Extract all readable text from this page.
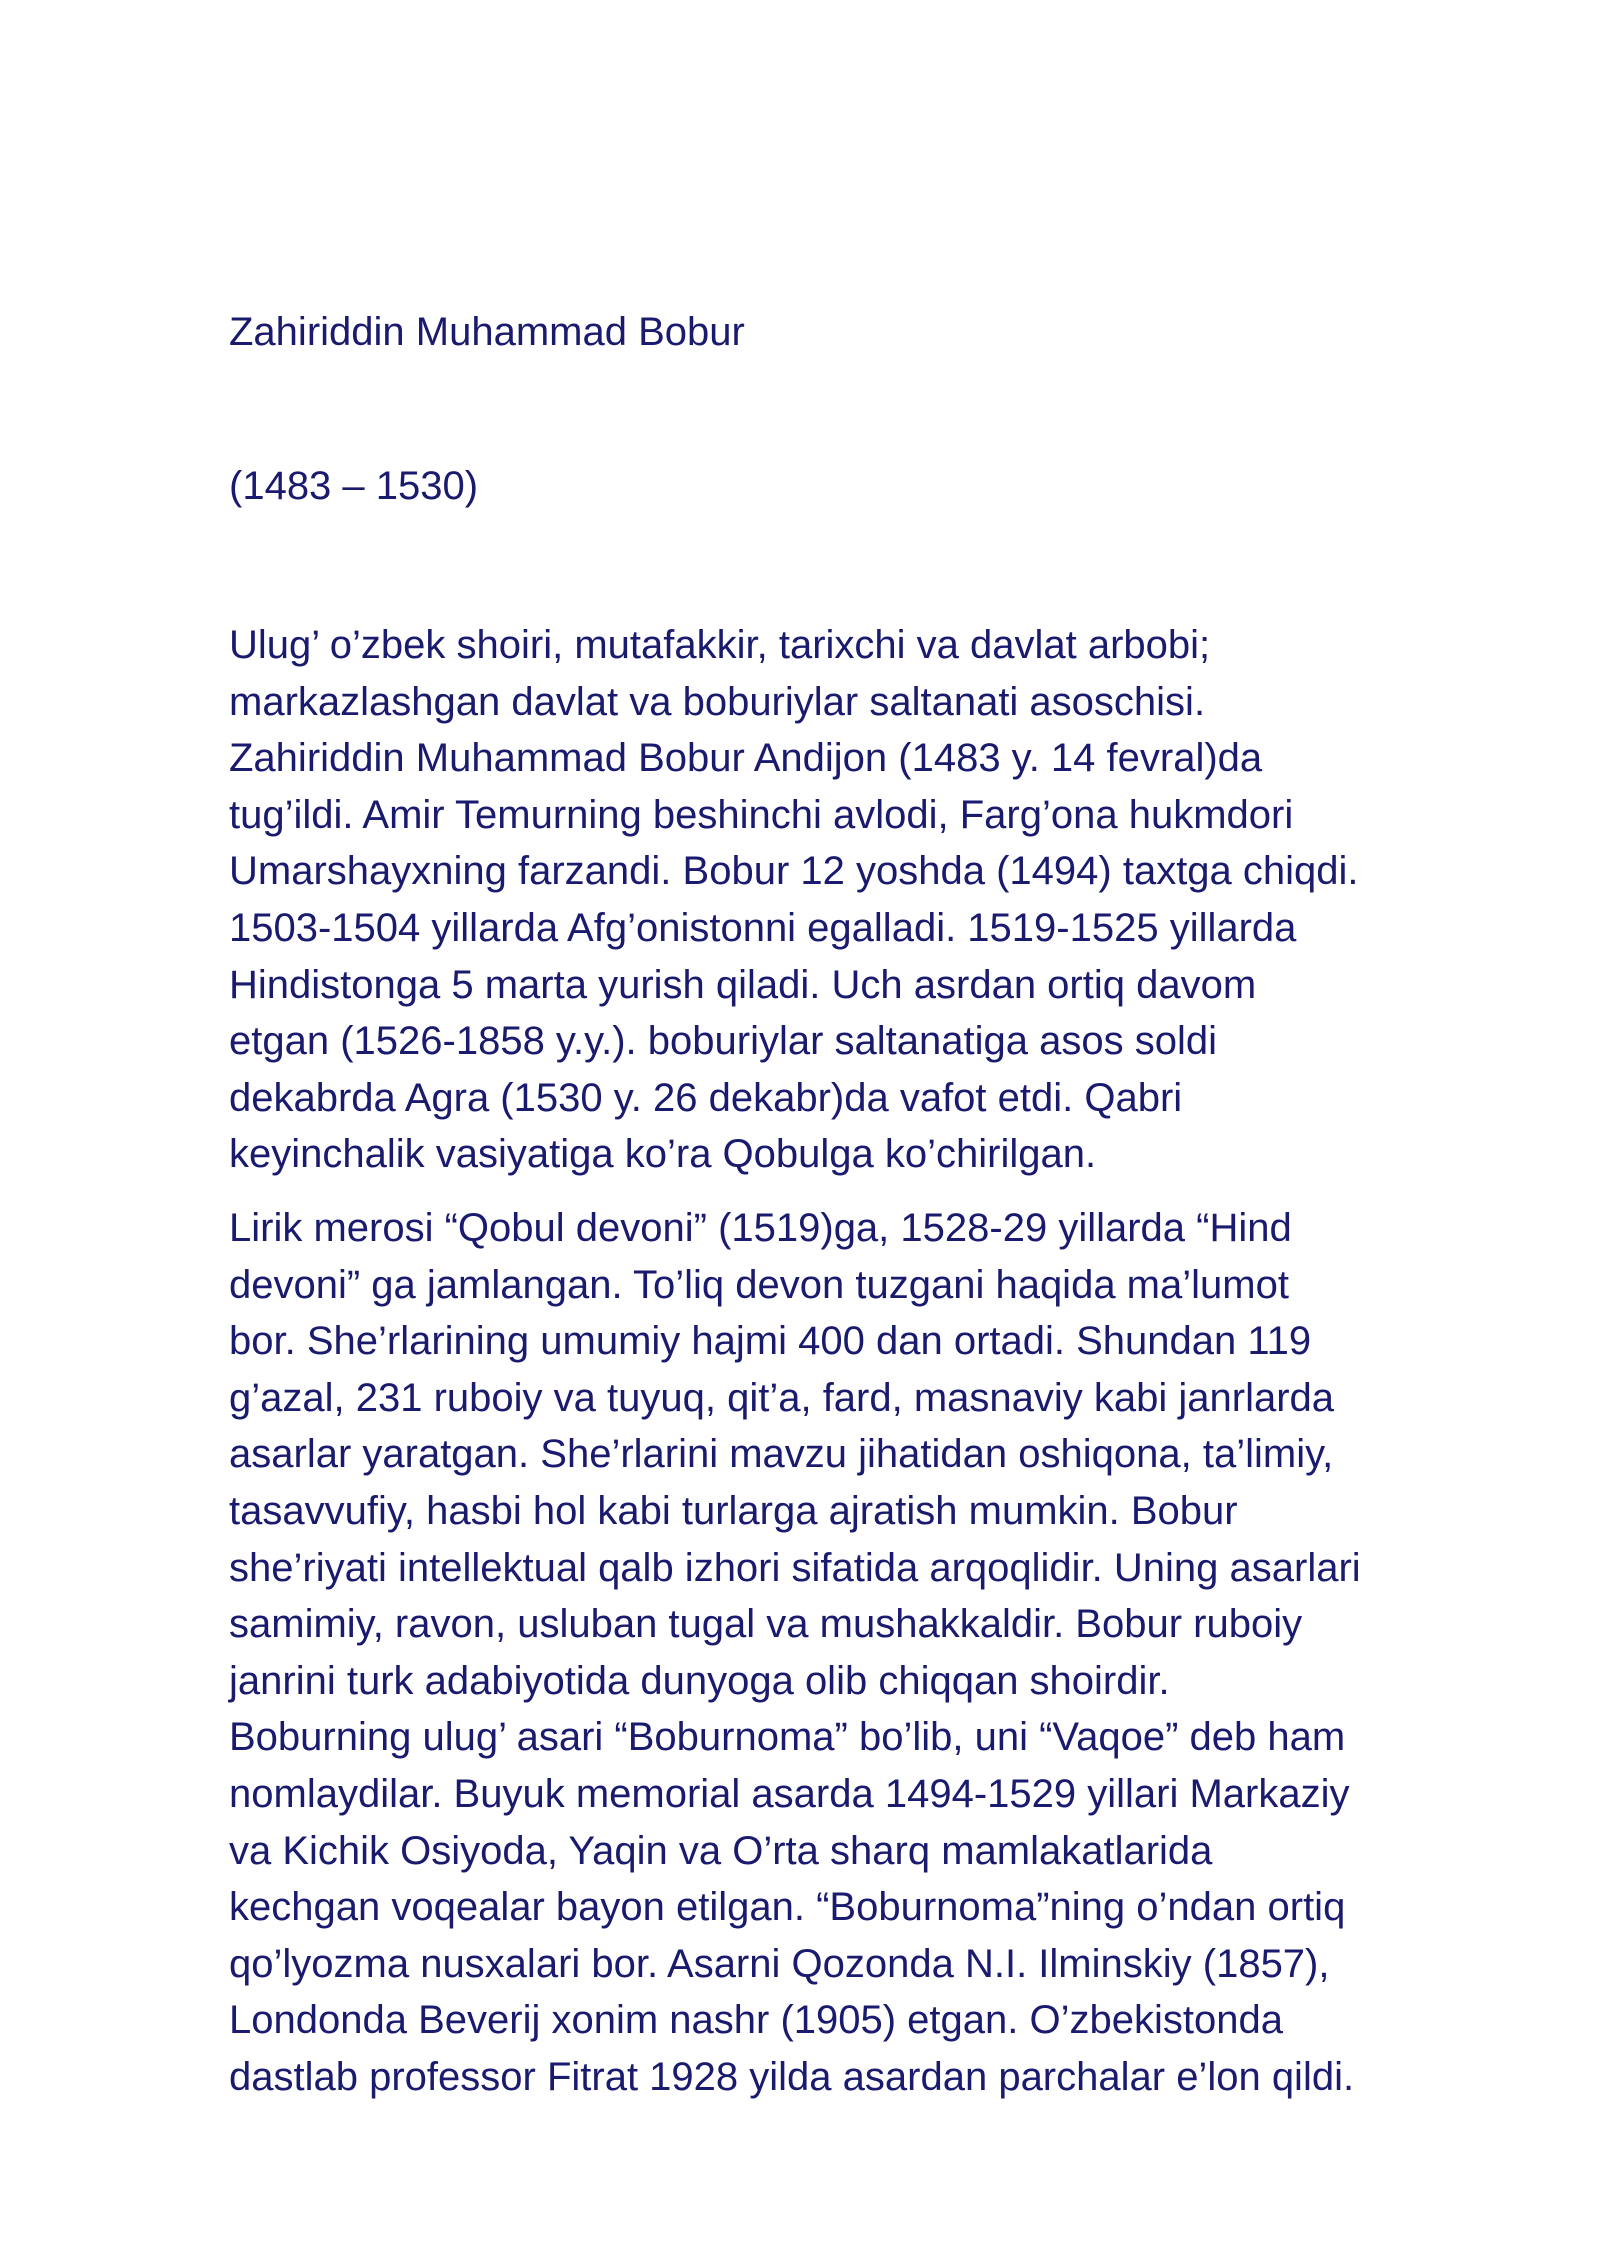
Zahiriddin Muhammad Bobur
(1483 – 1530)
Ulug’ o’zbek shoiri, mutafakkir, tarixchi va davlat arbobi;
markazlashgan davlat va boburiylar saltanati asoschisi.
Zahiriddin Muhammad Bobur Andijon (1483 y. 14 fevral)da
tug’ildi. Amir Temurning beshinchi avlodi, Farg’ona hukmdori
Umarshayxning farzandi. Bobur 12 yoshda (1494) taxtga chiqdi.
1503-1504 yillarda Afg’onistonni egalladi. 1519-1525 yillarda
Hindistonga 5 marta yurish qiladi. Uch asrdan ortiq davom
etgan (1526-1858 y.y.). boburiylar saltanatiga asos soldi
dekabrda Agra (1530 y. 26 dekabr)da vafot etdi. Qabri
keyinchalik vasiyatiga ko’ra Qobulga ko’chirilgan.
Lirik merosi “Qobul devoni” (1519)ga, 1528-29 yillarda “Hind
devoni” ga jamlangan. To’liq devon tuzgani haqida ma’lumot
bor. She’rlarining umumiy hajmi 400 dan ortadi. Shundan 119
g’azal, 231 ruboiy va tuyuq, qit’a, fard, masnaviy kabi janrlarda
asarlar yaratgan. She’rlarini mavzu jihatidan oshiqona, ta’limiy,
tasavvufiy, hasbi hol kabi turlarga ajratish mumkin. Bobur
she’riyati intellektual qalb izhori sifatida arqoqlidir. Uning asarlari
samimiy, ravon, usluban tugal va mushakkaldir. Bobur ruboiy
janrini turk adabiyotida dunyoga olib chiqqan shoirdir.
Boburning ulug’ asari “Boburnoma” bo’lib, uni “Vaqoe” deb ham
nomlaydilar. Buyuk memorial asarda 1494-1529 yillari Markaziy
va Kichik Osiyoda, Yaqin va O’rta sharq mamlakatlarida
kechgan voqealar bayon etilgan. “Boburnoma”ning o’ndan ortiq
qo’lyozma nusxalari bor. Asarni Qozonda N.I. Ilminskiy (1857),
Londonda Beverij xonim nashr (1905) etgan. O’zbekistonda
dastlab professor Fitrat 1928 yilda asardan parchalar e’lon qildi.
